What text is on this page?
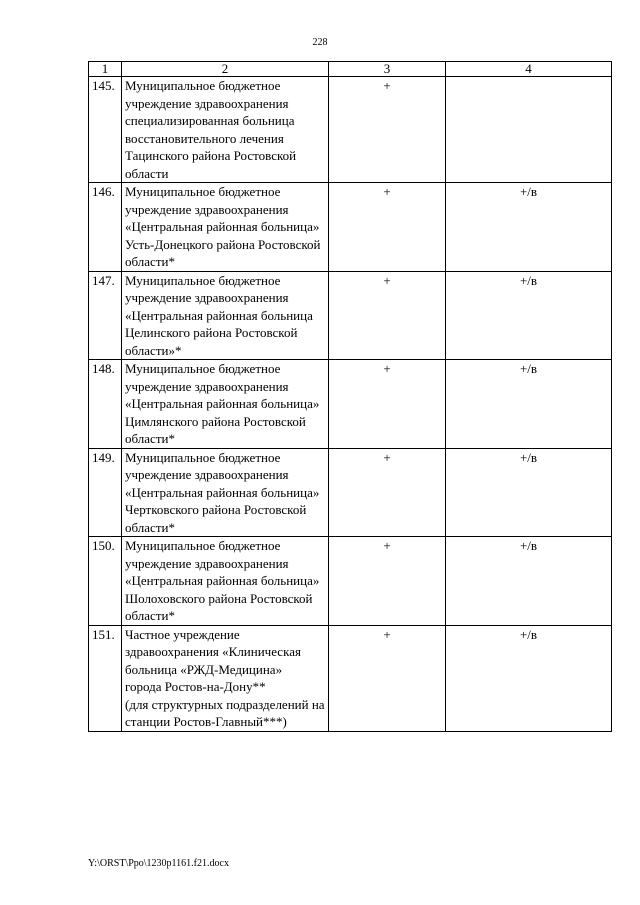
228
1	2	3	4
145.	Муниципальное бюджетное учреждение здравоохранения специализированная больница восстановительного лечения Тацинского района Ростовской области	+	
146.	Муниципальное бюджетное учреждение здравоохранения «Центральная районная больница» Усть-Донецкого района Ростовской области*	+	+/в
147.	Муниципальное бюджетное учреждение здравоохранения «Центральная районная больница Целинского района Ростовской области»*	+	+/в
148.	Муниципальное бюджетное учреждение здравоохранения «Центральная районная больница» Цимлянского района Ростовской области*	+	+/в
149.	Муниципальное бюджетное учреждение здравоохранения «Центральная районная больница» Чертковского района Ростовской области*	+	+/в
150.	Муниципальное бюджетное учреждение здравоохранения «Центральная районная больница» Шолоховского района Ростовской области*	+	+/в
151.	Частное учреждение здравоохранения «Клиническая больница «РЖД-Медицина»
города Ростов-на-Дону**
(для структурных подразделений на станции Ростов-Главный***)	+	+/в
Y:\ORST\Ppo\1230p1161.f21.docx
